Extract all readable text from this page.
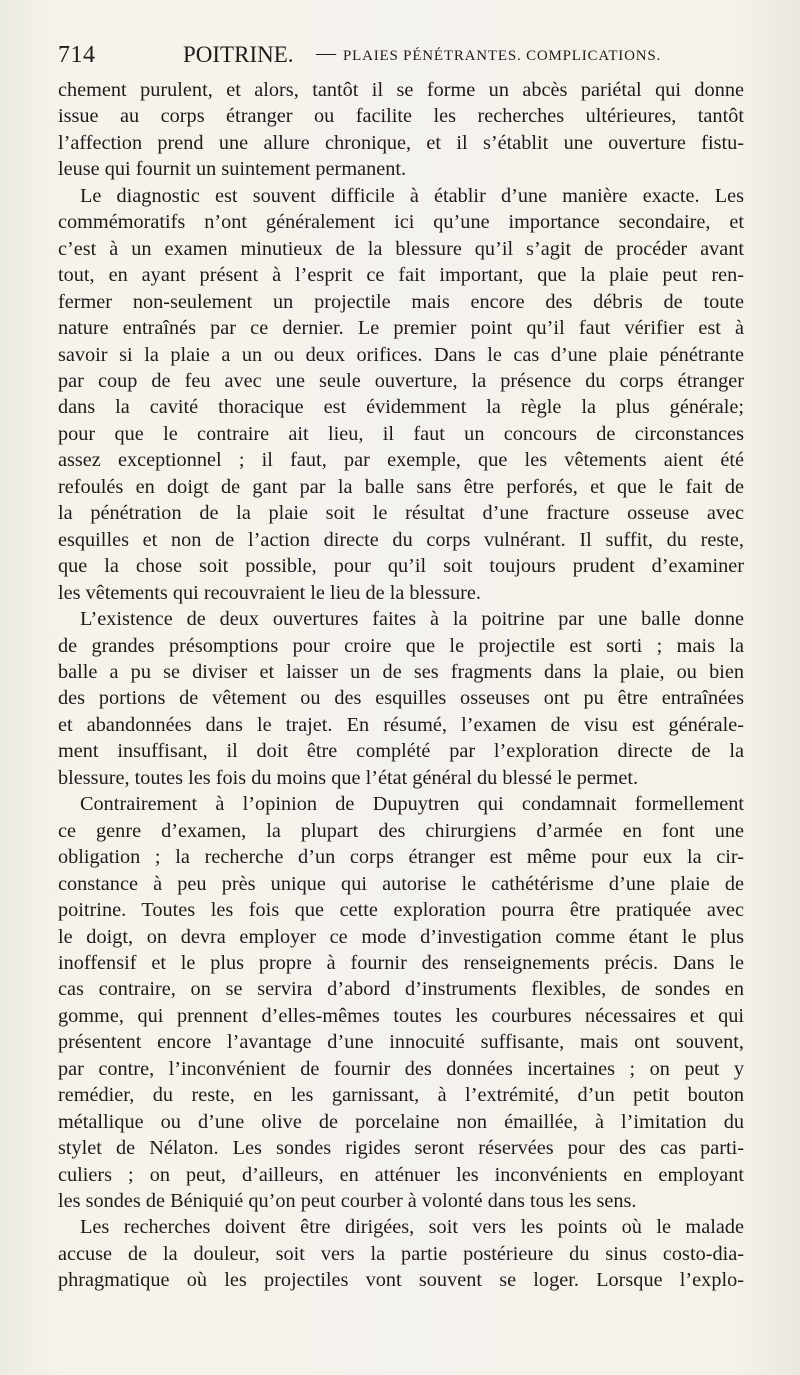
714	POITRINE. — PLAIES PÉNÉTRANTES. COMPLICATIONS.

chement purulent, et alors, tantôt il se forme un abcès pariétal qui donne

issue au corps étranger ou facilite les recherches ultérieures, tantôt

l’affection prend une allure chronique, et il s’établit une ouverture fistu-

leuse qui fournit un suintement permanent.

Le diagnostic est souvent difficile à établir d’une manière exacte. Les

commémoratifs n’ont généralement ici qu’une importance secondaire, et

c’est à un examen minutieux de la blessure qu’il s’agit de procéder avant

tout, en ayant présent à l’esprit ce fait important, que la plaie peut ren-

fermer non-seulement un projectile mais encore des débris de toute

nature entraînés par ce dernier. Le premier point qu’il faut vérifier est à

savoir si la plaie a un ou deux orifices. Dans le cas d’une plaie pénétrante

par coup de feu avec une seule ouverture, la présence du corps étranger

dans la cavité thoracique est évidemment la règle la plus générale;

pour que le contraire ait lieu, il faut un concours de circonstances

assez exceptionnel ; il faut, par exemple, que les vêtements aient été

refoulés en doigt de gant par la balle sans être perforés, et que le fait de

la pénétration de la plaie soit le résultat d’une fracture osseuse avec

esquilles et non de l’action directe du corps vulnérant. Il suffit, du reste,

que la chose soit possible, pour qu’il soit toujours prudent d’examiner

les vêtements qui recouvraient le lieu de la blessure.

L’existence de deux ouvertures faites à la poitrine par une balle donne

de grandes présomptions pour croire que le projectile est sorti ; mais la

balle a pu se diviser et laisser un de ses fragments dans la plaie, ou bien

des portions de vêtement ou des esquilles osseuses ont pu être entraînées

et abandonnées dans le trajet. En résumé, l’examen de visu est générale-

ment insuffisant, il doit être complété par l’exploration directe de la

blessure, toutes les fois du moins que l’état général du blessé le permet.

Contrairement à l’opinion de Dupuytren qui condamnait formellement

ce genre d’examen, la plupart des chirurgiens d’armée en font une

obligation ; la recherche d’un corps étranger est même pour eux la cir-

constance à peu près unique qui autorise le cathétérisme d’une plaie de

poitrine. Toutes les fois que cette exploration pourra être pratiquée avec

le doigt, on devra employer ce mode d’investigation comme étant le plus

inoffensif et le plus propre à fournir des renseignements précis. Dans le

cas contraire, on se servira d’abord d’instruments flexibles, de sondes en

gomme, qui prennent d’elles-mêmes toutes les courbures nécessaires et qui

présentent encore l’avantage d’une innocuité suffisante, mais ont souvent,

par contre, l’inconvénient de fournir des données incertaines ; on peut y

remédier, du reste, en les garnissant, à l’extrémité, d’un petit bouton

métallique ou d’une olive de porcelaine non émaillée, à l’imitation du

stylet de Nélaton. Les sondes rigides seront réservées pour des cas parti-

culiers ; on peut, d’ailleurs, en atténuer les inconvénients en employant

les sondes de Béniquié qu’on peut courber à volonté dans tous les sens.

Les recherches doivent être dirigées, soit vers les points où le malade

accuse de la douleur, soit vers la partie postérieure du sinus costo-dia-

phragmatique où les projectiles vont souvent se loger. Lorsque l’explo-
